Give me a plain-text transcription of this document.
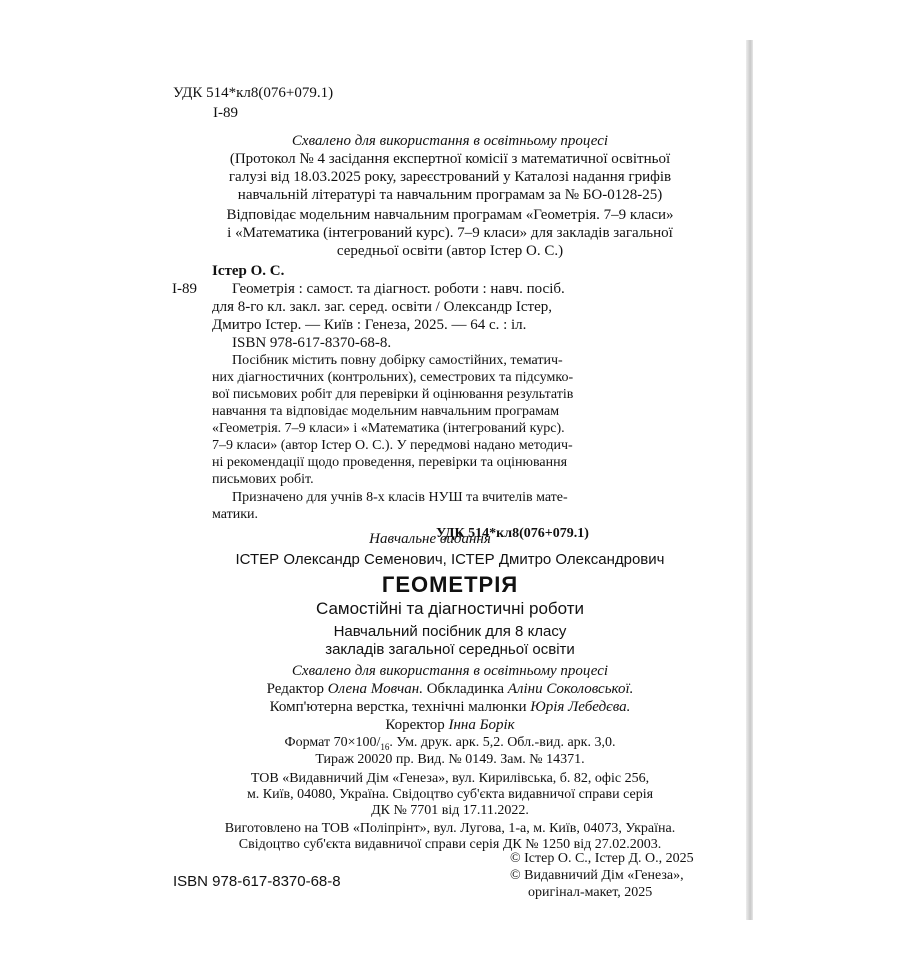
УДК 514*кл8(076+079.1)
І-89
Схвалено для використання в освітньому процесі
(Протокол № 4 засідання експертної комісії з математичної освітньої
галузі від 18.03.2025 року, зареєстрований у Каталозі надання грифів
навчальній літературі та навчальним програмам за № БО-0128-25)
Відповідає модельним навчальним програмам «Геометрія. 7–9 класи»
і «Математика (інтегрований курс). 7–9 класи» для закладів загальної
середньої освіти (автор Істер О. С.)
Істер О. С.
І-89 Геометрія : самост. та діагност. роботи : навч. посіб.
для 8-го кл. закл. заг. серед. освіти / Олександр Істер,
Дмитро Істер. — Київ : Генеза, 2025. — 64 с. : іл.
ISBN 978-617-8370-68-8.
Посібник містить повну добірку самостійних, тематич-
них діагностичних (контрольних), семестрових та підсумко-
вої письмових робіт для перевірки й оцінювання результатів
навчання та відповідає модельним навчальним програмам
«Геометрія. 7–9 класи» і «Математика (інтегрований курс).
7–9 класи» (автор Істер О. С.). У передмові надано методич-
ні рекомендації щодо проведення, перевірки та оцінювання
письмових робіт.
Призначено для учнів 8-х класів НУШ та вчителів мате-
матики.
УДК 514*кл8(076+079.1)
Навчальне видання
ІСТЕР Олександр Семенович, ІСТЕР Дмитро Олександрович
ГЕОМЕТРІЯ
Самостійні та діагностичні роботи
Навчальний посібник для 8 класу
закладів загальної середньої освіти
Схвалено для використання в освітньому процесі
Редактор Олена Мовчан. Обкладинка Аліни Соколовської.
Комп'ютерна верстка, технічні малюнки Юрія Лебедєва.
Коректор Інна Борік
Формат $70\times 100/_{16}$. Ум. друк. арк. 5,2. Обл.-вид. арк. 3,0.
Тираж 20020 пр. Вид. № 0149. Зам. № 14371.
ТОВ «Видавничий Дім «Генеза», вул. Кирилівська, б. 82, офіс 256,
м. Київ, 04080, Україна. Свідоцтво суб'єкта видавничої справи серія
ДК № 7701 від 17.11.2022.
Виготовлено на ТОВ «Поліпрінт», вул. Лугова, 1-а, м. Київ, 04073, Україна.
Свідоцтво суб'єкта видавничої справи серія ДК № 1250 від 27.02.2003.
ISBN 978-617-8370-68-8
© Істер О. С., Істер Д. О., 2025
© Видавничий Дім «Генеза»,
оригінал-макет, 2025
